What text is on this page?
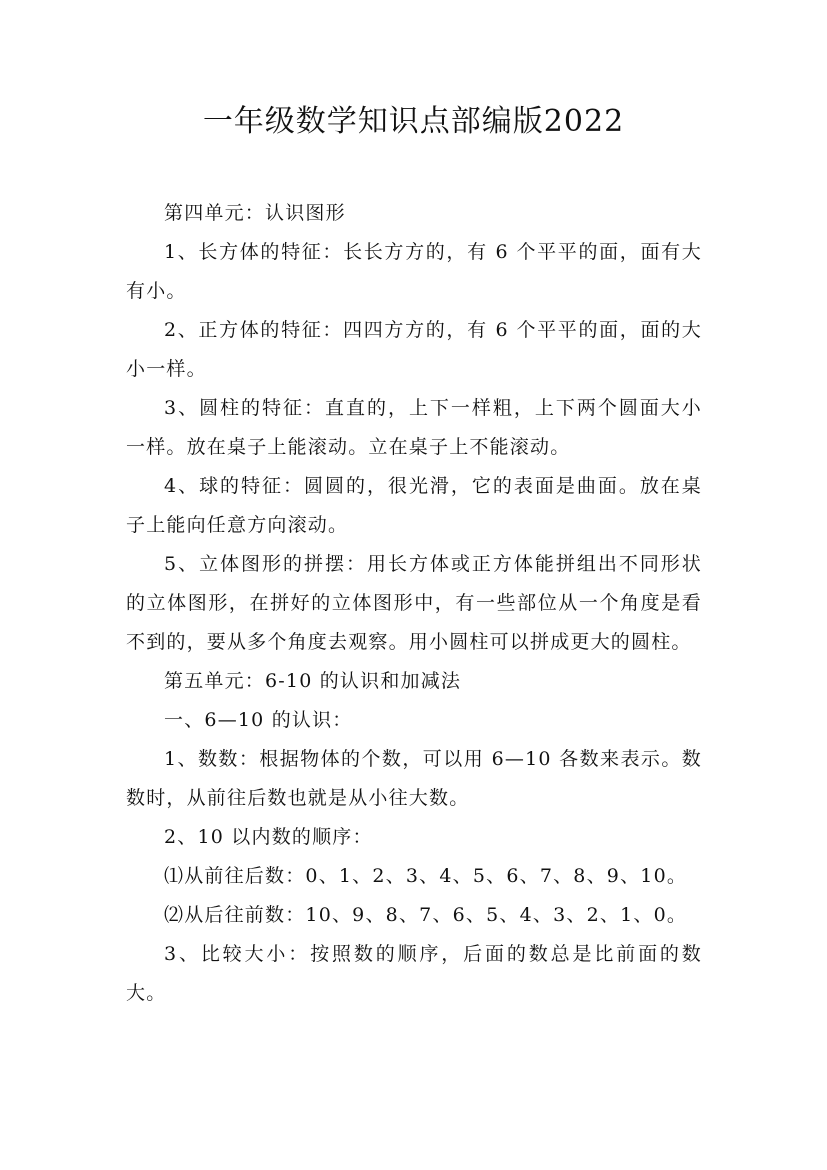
一年级数学知识点部编版2022

第四单元：认识图形

1、长方体的特征：长长方方的，有 6 个平平的面，面有大有小。

2、正方体的特征：四四方方的，有 6 个平平的面，面的大小一样。

3、圆柱的特征：直直的，上下一样粗，上下两个圆面大小一样。放在桌子上能滚动。立在桌子上不能滚动。

4、球的特征：圆圆的，很光滑，它的表面是曲面。放在桌子上能向任意方向滚动。

5、立体图形的拼摆：用长方体或正方体能拼组出不同形状的立体图形，在拼好的立体图形中，有一些部位从一个角度是看不到的，要从多个角度去观察。用小圆柱可以拼成更大的圆柱。

第五单元：6-10 的认识和加减法

一、6—10 的认识：

1、数数：根据物体的个数，可以用 6—10 各数来表示。数数时，从前往后数也就是从小往大数。

2、10 以内数的顺序：

⑴从前往后数：0、1、2、3、4、5、6、7、8、9、10。

⑵从后往前数：10、9、8、7、6、5、4、3、2、1、0。

3、比较大小：按照数的顺序，后面的数总是比前面的数大。
